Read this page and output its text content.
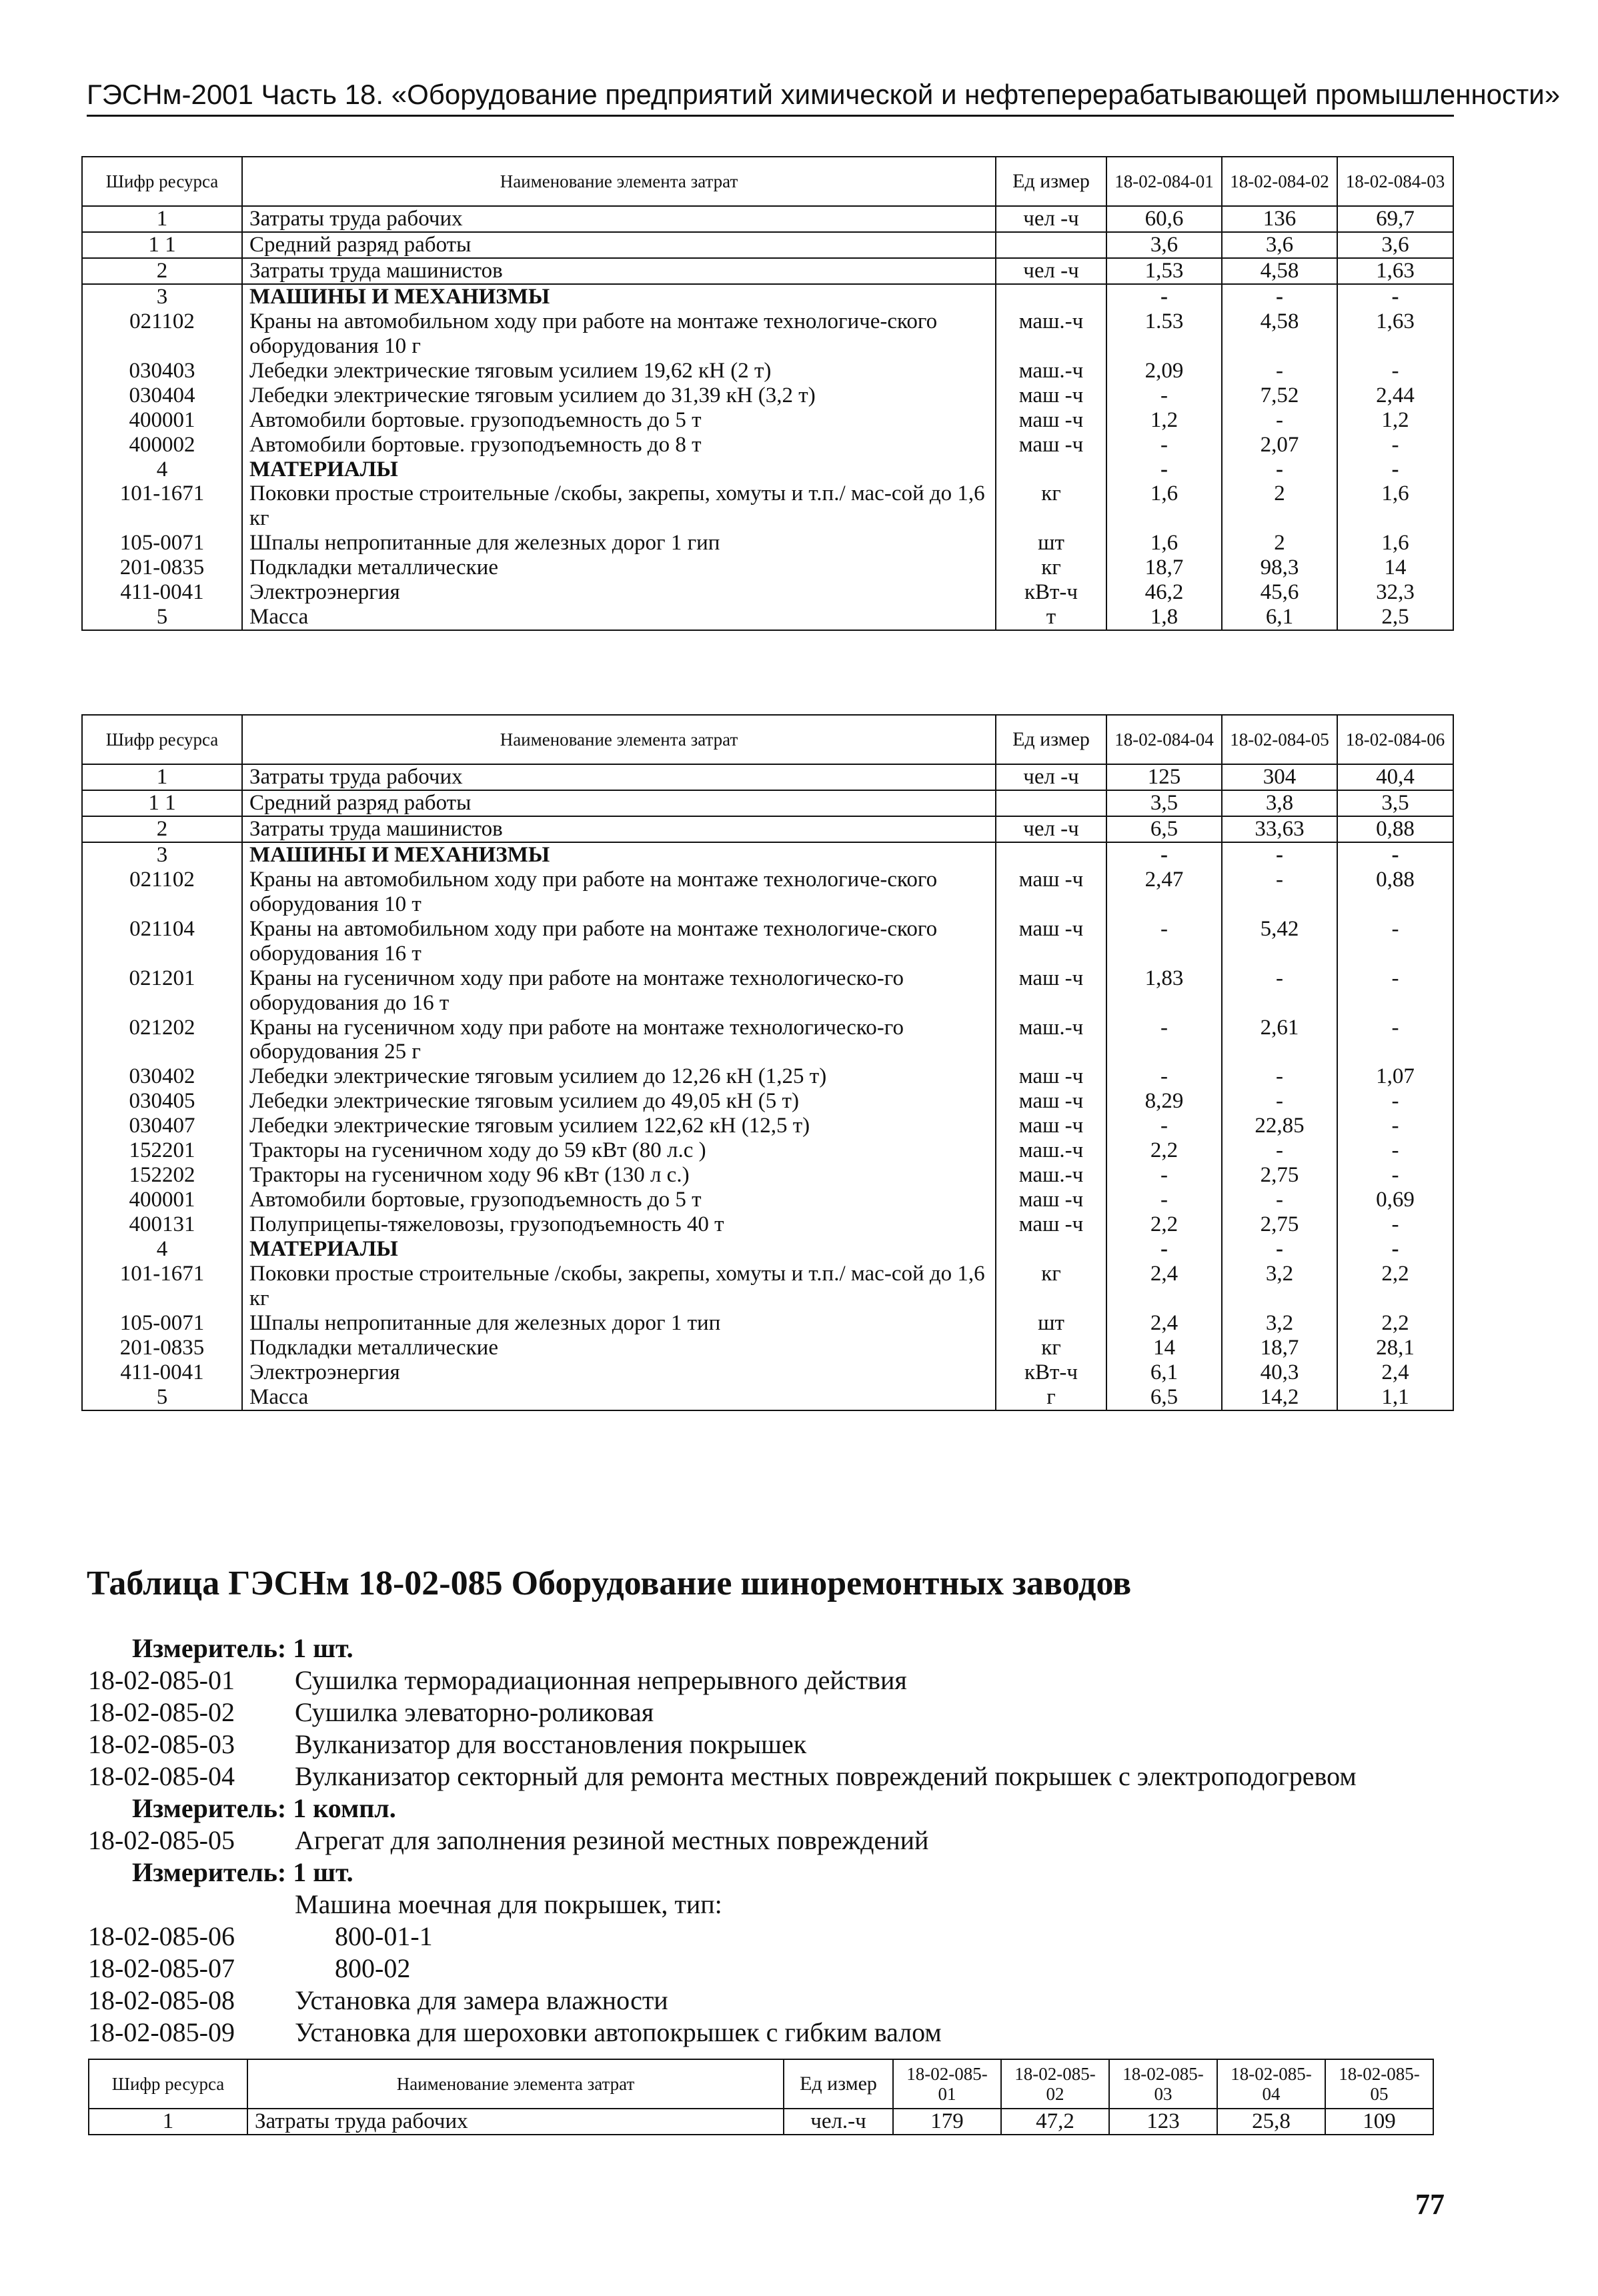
ГЭСНм-2001 Часть 18. «Оборудование предприятий химической и нефтеперерабатывающей промышленности»
Шифр ресурса	Наименование элемента затрат	Ед измер	18-02-084-01	18-02-084-02	18-02-084-03
1	Затраты труда рабочих	чел -ч	60,6	136	69,7
1 1	Средний разряд работы		3,6	3,6	3,6
2	Затраты труда машинистов	чел -ч	1,53	4,58	1,63
3	МАШИНЫ И МЕХАНИЗМЫ		-	-	-
021102	Краны на автомобильном ходу при работе на монтаже технологиче-ского оборудования 10 г	маш.-ч	1.53	4,58	1,63
030403	Лебедки электрические тяговым усилием 19,62 кН (2 т)	маш.-ч	2,09	-	-
030404	Лебедки электрические тяговым усилием до 31,39 кН (3,2 т)	маш -ч	-	7,52	2,44
400001	Автомобили бортовые. грузоподъемность до 5 т	маш -ч	1,2	-	1,2
400002	Автомобили бортовые. грузоподъемность до 8 т	маш -ч	-	2,07	-
4	МАТЕРИАЛЫ		-	-	-
101-1671	Поковки простые строительные /скобы, закрепы, хомуты и т.п./ мас-сой до 1,6 кг	кг	1,6	2	1,6
105-0071	Шпалы непропитанные для железных дорог 1 гип	шт	1,6	2	1,6
201-0835	Подкладки металлические	кг	18,7	98,3	14
411-0041	Электроэнергия	кВт-ч	46,2	45,6	32,3
5	Масса	т	1,8	6,1	2,5
Шифр ресурса	Наименование элемента затрат	Ед измер	18-02-084-04	18-02-084-05	18-02-084-06
1	Затраты труда рабочих	чел -ч	125	304	40,4
1 1	Средний разряд работы		3,5	3,8	3,5
2	Затраты труда машинистов	чел -ч	6,5	33,63	0,88
3	МАШИНЫ И МЕХАНИЗМЫ		-	-	-
021102	Краны на автомобильном ходу при работе на монтаже технологиче-ского оборудования 10 т	маш -ч	2,47	-	0,88
021104	Краны на автомобильном ходу при работе на монтаже технологиче-ского оборудования 16 т	маш -ч	-	5,42	-
021201	Краны на гусеничном ходу при работе на монтаже технологическо-го оборудования до 16 т	маш -ч	1,83	-	-
021202	Краны на гусеничном ходу при работе на монтаже технологическо-го оборудования 25 г	маш.-ч	-	2,61	-
030402	Лебедки электрические тяговым усилием до 12,26 кН (1,25 т)	маш -ч	-	-	1,07
030405	Лебедки электрические тяговым усилием до 49,05 кН (5 т)	маш -ч	8,29	-	-
030407	Лебедки электрические тяговым усилием 122,62 кН (12,5 т)	маш -ч	-	22,85	-
152201	Тракторы на гусеничном ходу до 59 кВт (80 л.с )	маш.-ч	2,2	-	-
152202	Тракторы на гусеничном ходу 96 кВт (130 л с.)	маш.-ч	-	2,75	-
400001	Автомобили бортовые, грузоподъемность до 5 т	маш -ч	-	-	0,69
400131	Полуприцепы-тяжеловозы, грузоподъемность 40 т	маш -ч	2,2	2,75	-
4	МАТЕРИАЛЫ		-	-	-
101-1671	Поковки простые строительные /скобы, закрепы, хомуты и т.п./ мас-сой до 1,6 кг	кг	2,4	3,2	2,2
105-0071	Шпалы непропитанные для железных дорог 1 тип	шт	2,4	3,2	2,2
201-0835	Подкладки металлические	кг	14	18,7	28,1
411-0041	Электроэнергия	кВт-ч	6,1	40,3	2,4
5	Масса	г	6,5	14,2	1,1
Таблица ГЭСНм 18-02-085 Оборудование шиноремонтных заводов
Измеритель: 1 шт.
18-02-085-01 Сушилка терморадиационная непрерывного действия
18-02-085-02 Сушилка элеваторно-роликовая
18-02-085-03 Вулканизатор для восстановления покрышек
18-02-085-04 Вулканизатор секторный для ремонта местных повреждений покрышек с электроподогревом
Измеритель: 1 компл.
18-02-085-05 Агрегат для заполнения резиной местных повреждений
Измеритель: 1 шт.
Машина моечная для покрышек, тип:
18-02-085-06	800-01-1
18-02-085-07	800-02
18-02-085-08 Установка для замера влажности
18-02-085-09 Установка для шероховки автопокрышек с гибким валом
Шифр ресурса	Наименование элемента затрат	Ед измер	18-02-085-01	18-02-085-02	18-02-085-03	18-02-085-04	18-02-085-05
1	Затраты труда рабочих	чел.-ч	179	47,2	123	25,8	109
77
